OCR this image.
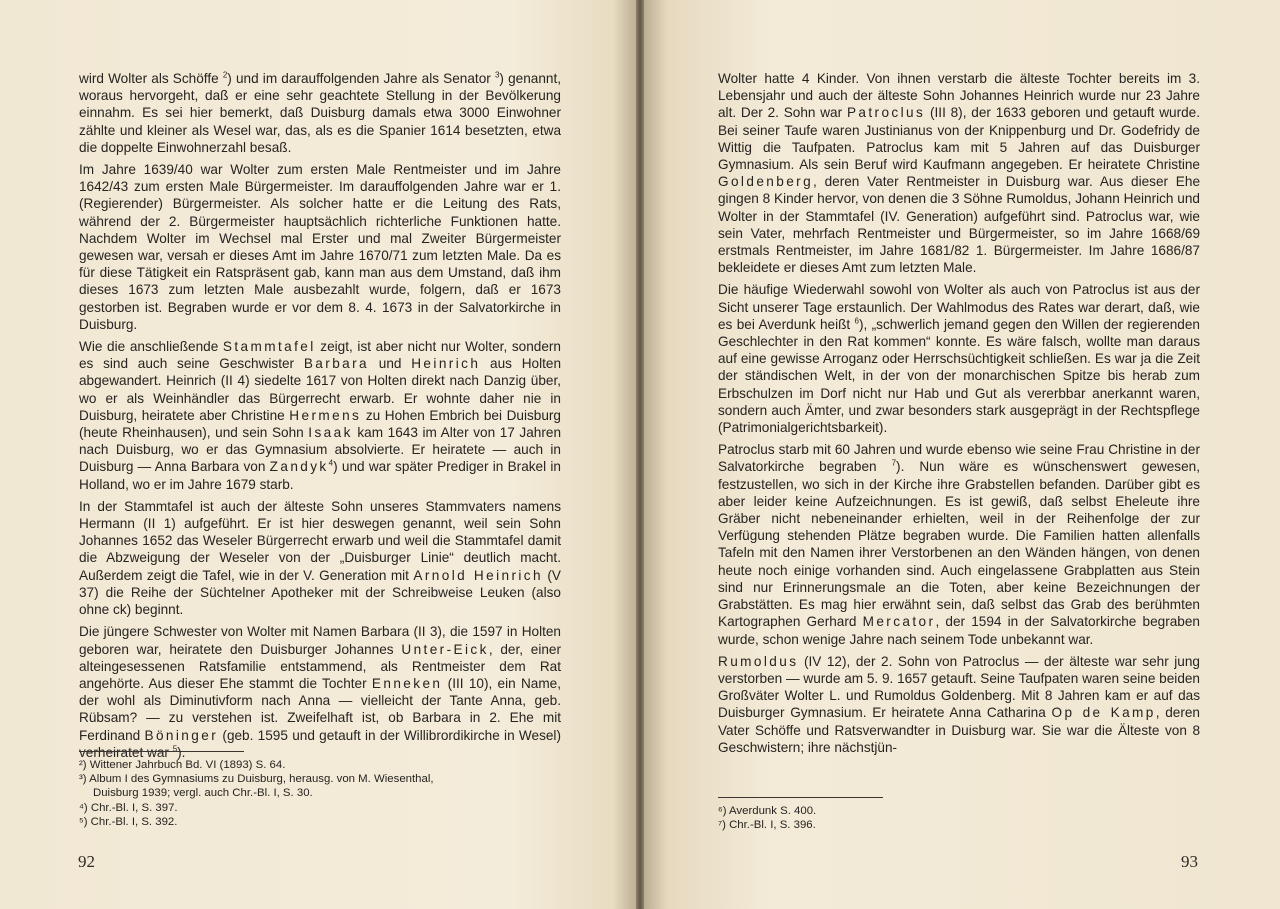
wird Wolter als Schöffe $^2$) und im darauffolgenden Jahre als Senator $^3$) genannt, woraus hervorgeht, daß er eine sehr geachtete Stellung in der Bevölkerung einnahm. Es sei hier bemerkt, daß Duisburg damals etwa 3000 Einwohner zählte und kleiner als Wesel war, das, als es die Spanier 1614 besetzten, etwa die doppelte Einwohnerzahl besaß.

Im Jahre 1639/40 war Wolter zum ersten Male Rentmeister und im Jahre 1642/43 zum ersten Male Bürgermeister. Im darauffolgenden Jahre war er 1. (Regierender) Bürgermeister. Als solcher hatte er die Leitung des Rats, während der 2. Bürgermeister hauptsächlich richterliche Funktionen hatte. Nachdem Wolter im Wechsel mal Erster und mal Zweiter Bürgermeister gewesen war, versah er dieses Amt im Jahre 1670/71 zum letzten Male. Da es für diese Tätigkeit ein Ratspräsent gab, kann man aus dem Umstand, daß ihm dieses 1673 zum letzten Male ausbezahlt wurde, folgern, daß er 1673 gestorben ist. Begraben wurde er vor dem 8. 4. 1673 in der Salvatorkirche in Duisburg.

Wie die anschließende Stammtafel zeigt, ist aber nicht nur Wolter, sondern es sind auch seine Geschwister Barbara und Heinrich aus Holten abgewandert. Heinrich (II 4) siedelte 1617 von Holten direkt nach Danzig über, wo er als Weinhändler das Bürgerrecht erwarb. Er wohnte daher nie in Duisburg, heiratete aber Christine Hermens zu Hohen Embrich bei Duisburg (heute Rheinhausen), und sein Sohn Isaak kam 1643 im Alter von 17 Jahren nach Duisburg, wo er das Gymnasium absolvierte. Er heiratete — auch in Duisburg — Anna Barbara von Zandyk$^4$) und war später Prediger in Brakel in Holland, wo er im Jahre 1679 starb.

In der Stammtafel ist auch der älteste Sohn unseres Stammvaters namens Hermann (II 1) aufgeführt. Er ist hier deswegen genannt, weil sein Sohn Johannes 1652 das Weseler Bürgerrecht erwarb und weil die Stammtafel damit die Abzweigung der Weseler von der „Duisburger Linie“ deutlich macht. Außerdem zeigt die Tafel, wie in der V. Generation mit Arnold Heinrich (V 37) die Reihe der Süchtelner Apotheker mit der Schreibweise Leuken (also ohne ck) beginnt.

Die jüngere Schwester von Wolter mit Namen Barbara (II 3), die 1597 in Holten geboren war, heiratete den Duisburger Johannes Unter-Eick, der, einer alteingesessenen Ratsfamilie entstammend, als Rentmeister dem Rat angehörte. Aus dieser Ehe stammt die Tochter Enneken (III 10), ein Name, der wohl als Diminutivform nach Anna — vielleicht der Tante Anna, geb. Rübsam? — zu verstehen ist. Zweifelhaft ist, ob Barbara in 2. Ehe mit Ferdinand Böninger (geb. 1595 und getauft in der Willibrordikirche in Wesel) verheiratet war $^5$).

²) Wittener Jahrbuch Bd. VI (1893) S. 64.
³) Album I des Gymnasiums zu Duisburg, herausg. von M. Wiesenthal,
Duisburg 1939; vergl. auch Chr.-Bl. I, S. 30.
⁴) Chr.-Bl. I, S. 397.
⁵) Chr.-Bl. I, S. 392.
92

Wolter hatte 4 Kinder. Von ihnen verstarb die älteste Tochter bereits im 3. Lebensjahr und auch der älteste Sohn Johannes Heinrich wurde nur 23 Jahre alt. Der 2. Sohn war Patroclus (III 8), der 1633 geboren und getauft wurde. Bei seiner Taufe waren Justinianus von der Knippenburg und Dr. Godefridy de Wittig die Taufpaten. Patroclus kam mit 5 Jahren auf das Duisburger Gymnasium. Als sein Beruf wird Kaufmann angegeben. Er heiratete Christine Goldenberg, deren Vater Rentmeister in Duisburg war. Aus dieser Ehe gingen 8 Kinder hervor, von denen die 3 Söhne Rumoldus, Johann Heinrich und Wolter in der Stammtafel (IV. Generation) aufgeführt sind. Patroclus war, wie sein Vater, mehrfach Rentmeister und Bürgermeister, so im Jahre 1668/69 erstmals Rentmeister, im Jahre 1681/82 1. Bürgermeister. Im Jahre 1686/87 bekleidete er dieses Amt zum letzten Male.

Die häufige Wiederwahl sowohl von Wolter als auch von Patroclus ist aus der Sicht unserer Tage erstaunlich. Der Wahlmodus des Rates war derart, daß, wie es bei Averdunk heißt $^6$), „schwerlich jemand gegen den Willen der regierenden Geschlechter in den Rat kommen“ konnte. Es wäre falsch, wollte man daraus auf eine gewisse Arroganz oder Herrschsüchtigkeit schließen. Es war ja die Zeit der ständischen Welt, in der von der monarchischen Spitze bis herab zum Erbschulzen im Dorf nicht nur Hab und Gut als vererbbar anerkannt waren, sondern auch Ämter, und zwar besonders stark ausgeprägt in der Rechtspflege (Patrimonialgerichtsbarkeit).

Patroclus starb mit 60 Jahren und wurde ebenso wie seine Frau Christine in der Salvatorkirche begraben $^7$). Nun wäre es wünschenswert gewesen, festzustellen, wo sich in der Kirche ihre Grabstellen befanden. Darüber gibt es aber leider keine Aufzeichnungen. Es ist gewiß, daß selbst Eheleute ihre Gräber nicht nebeneinander erhielten, weil in der Reihenfolge der zur Verfügung stehenden Plätze begraben wurde. Die Familien hatten allenfalls Tafeln mit den Namen ihrer Verstorbenen an den Wänden hängen, von denen heute noch einige vorhanden sind. Auch eingelassene Grabplatten aus Stein sind nur Erinnerungsmale an die Toten, aber keine Bezeichnungen der Grabstätten. Es mag hier erwähnt sein, daß selbst das Grab des berühmten Kartographen Gerhard Mercator, der 1594 in der Salvatorkirche begraben wurde, schon wenige Jahre nach seinem Tode unbekannt war.

Rumoldus (IV 12), der 2. Sohn von Patroclus — der älteste war sehr jung verstorben — wurde am 5. 9. 1657 getauft. Seine Taufpaten waren seine beiden Großväter Wolter L. und Rumoldus Goldenberg. Mit 8 Jahren kam er auf das Duisburger Gymnasium. Er heiratete Anna Catharina Op de Kamp, deren Vater Schöffe und Ratsverwandter in Duisburg war. Sie war die Älteste von 8 Geschwistern; ihre nächstjün-

⁶) Averdunk S. 400.
⁷) Chr.-Bl. I, S. 396.
93
